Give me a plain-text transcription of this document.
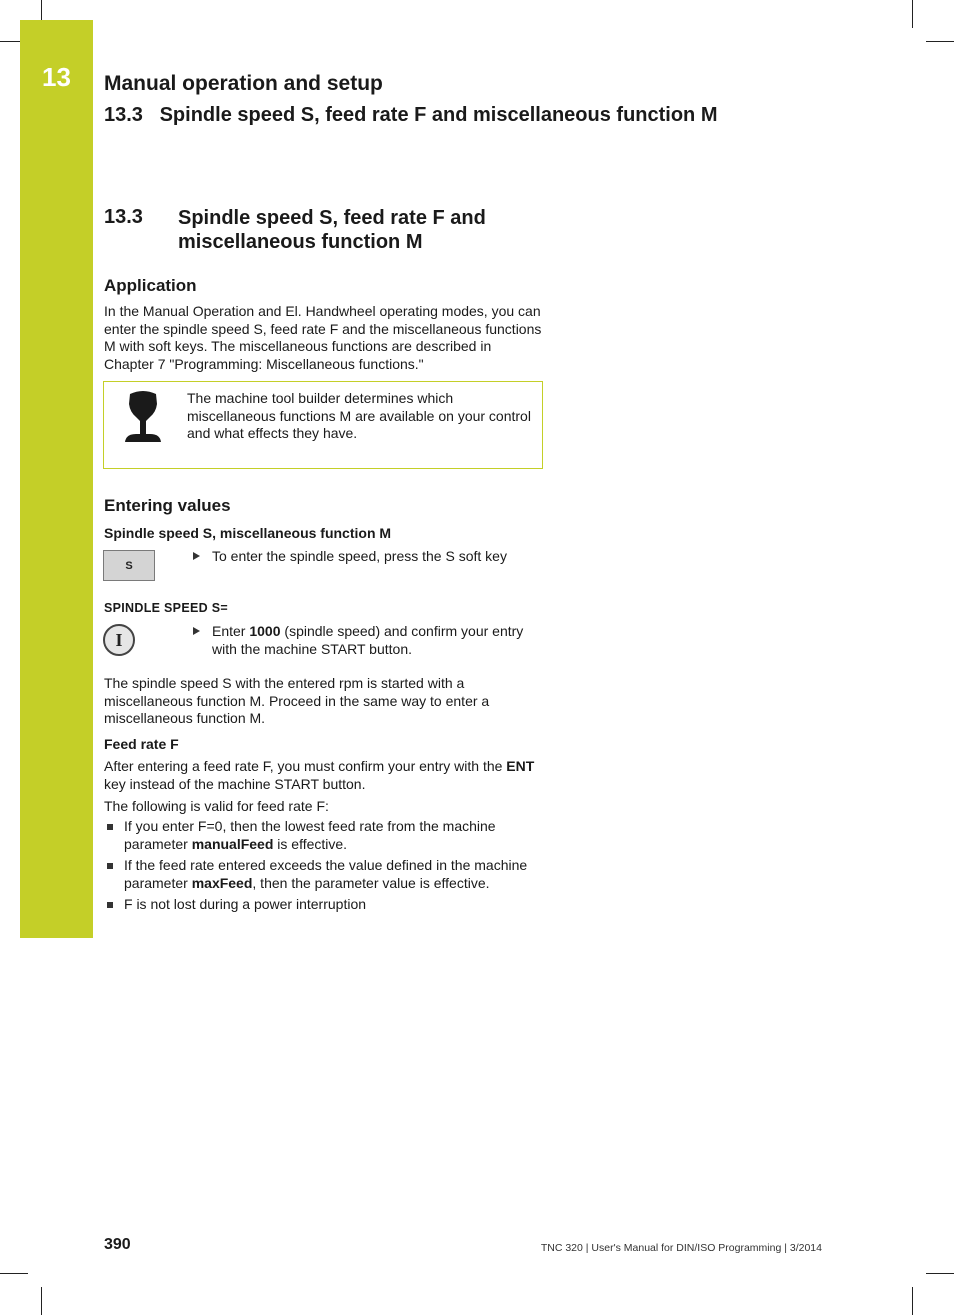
13	Manual operation and setup
13.3   Spindle speed S, feed rate F and miscellaneous function M
13.3 Spindle speed S, feed rate F and miscellaneous function M
Application
In the Manual Operation and El. Handwheel operating modes, you can enter the spindle speed S, feed rate F and the miscellaneous functions M with soft keys. The miscellaneous functions are described in Chapter 7 "Programming: Miscellaneous functions."
The machine tool builder determines which miscellaneous functions M are available on your control and what effects they have.
Entering values
Spindle speed S, miscellaneous function M
S
To enter the spindle speed, press the S soft key
SPINDLE SPEED S=
I	Enter 1000 (spindle speed) and confirm your entry with the machine START button.
The spindle speed S with the entered rpm is started with a miscellaneous function M. Proceed in the same way to enter a miscellaneous function M.
Feed rate F
After entering a feed rate F, you must confirm your entry with the ENT key instead of the machine START button.
The following is valid for feed rate F:
If you enter F=0, then the lowest feed rate from the machine parameter manualFeed is effective.
If the feed rate entered exceeds the value defined in the machine parameter maxFeed, then the parameter value is effective.
F is not lost during a power interruption
390	TNC 320 | User's Manual for DIN/ISO Programming | 3/2014
